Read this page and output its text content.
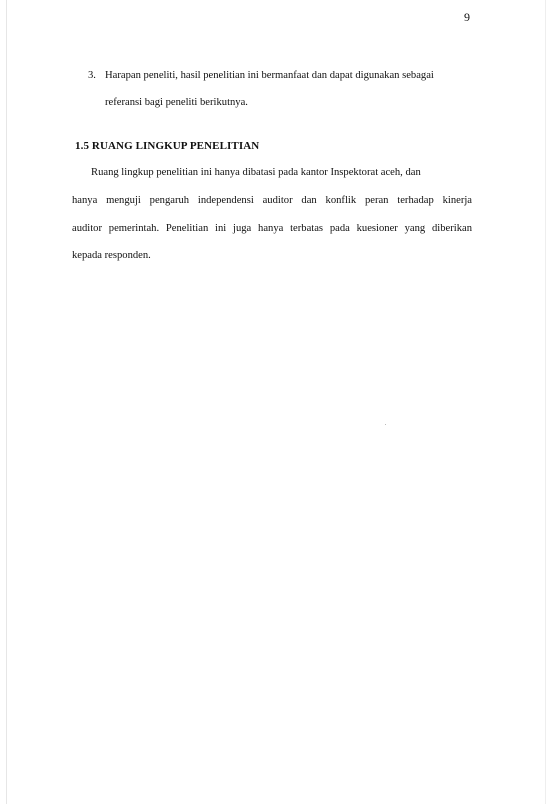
9
3. Harapan peneliti, hasil penelitian ini bermanfaat dan dapat digunakan sebagai
referansi bagi peneliti berikutnya.
1.5 RUANG LINGKUP PENELITIAN
Ruang lingkup penelitian ini hanya dibatasi pada kantor Inspektorat aceh, dan
hanya menguji pengaruh independensi auditor dan konflik peran terhadap kinerja
auditor pemerintah. Penelitian ini juga hanya terbatas pada kuesioner yang diberikan
kepada responden.
